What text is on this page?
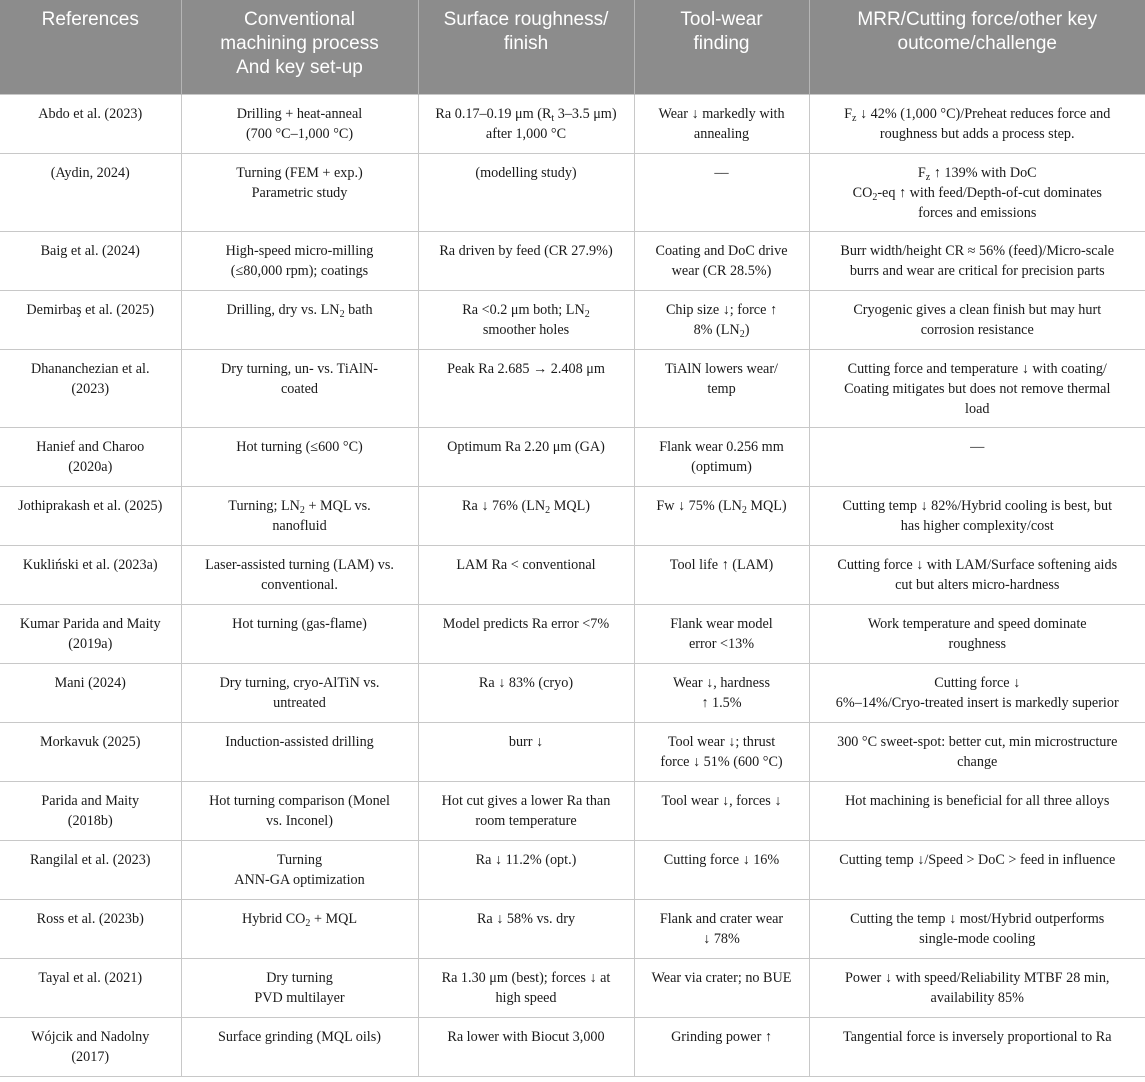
References	Conventional
machining process
And key set-up	Surface roughness/
finish	Tool-wear
finding	MRR/Cutting force/other key
outcome/challenge

Abdo et al. (2023)	Drilling + heat-anneal
(700 °C–1,000 °C)	Ra 0.17–0.19 μm ($R_t$ 3–3.5 μm)
after 1,000 °C	Wear ↓ markedly with
annealing	$F_z$ ↓ 42% (1,000 °C)/Preheat reduces force and
roughness but adds a process step.

(Aydin, 2024)	Turning (FEM + exp.)
Parametric study	(modelling study)	––	$F_z$ ↑ 139% with DoC
$CO_2-eq$ ↑ with feed/Depth-of-cut dominates
forces and emissions

Baig et al. (2024)	High-speed micro-milling
(≤80,000 rpm); coatings	Ra driven by feed (CR 27.9%)	Coating and DoC drive
wear (CR 28.5%)	Burr width/height CR ≈ 56% (feed)/Micro-scale
burrs and wear are critical for precision parts

Demirbaş et al. (2025)	Drilling, dry vs. $LN_2$ bath	Ra <0.2 μm both; $LN_2$
smoother holes	Chip size ↓; force ↑
8% $(LN_2)$	Cryogenic gives a clean finish but may hurt
corrosion resistance

Dhananchezian et al.
(2023)	Dry turning, un- vs. TiAlN-
coated	Peak Ra 2.685 → 2.408 μm	TiAlN lowers wear/
temp	Cutting force and temperature ↓ with coating/
Coating mitigates but does not remove thermal
load

Hanief and Charoo
(2020a)	Hot turning (≤600 °C)	Optimum Ra 2.20 μm (GA)	Flank wear 0.256 mm
(optimum)	––

Jothiprakash et al. (2025)	Turning; $LN_2$ + MQL vs.
nanofluid	Ra ↓ 76% ($LN_2$ MQL)	Fw ↓ 75% ($LN_2$ MQL)	Cutting temp ↓ 82%/Hybrid cooling is best, but
has higher complexity/cost

Kukliński et al. (2023a)	Laser-assisted turning (LAM) vs.
conventional.	LAM Ra < conventional	Tool life ↑ (LAM)	Cutting force ↓ with LAM/Surface softening aids
cut but alters micro-hardness

Kumar Parida and Maity
(2019a)	Hot turning (gas-flame)	Model predicts Ra error <7%	Flank wear model
error <13%	Work temperature and speed dominate
roughness

Mani (2024)	Dry turning, cryo-AlTiN vs.
untreated	Ra ↓ 83% (cryo)	Wear ↓, hardness
↑ 1.5%	Cutting force ↓
6%–14%/Cryo-treated insert is markedly superior

Morkavuk (2025)	Induction-assisted drilling	burr ↓	Tool wear ↓; thrust
force ↓ 51% (600 °C)	300 °C sweet-spot: better cut, min microstructure
change

Parida and Maity
(2018b)	Hot turning comparison (Monel
vs. Inconel)	Hot cut gives a lower Ra than
room temperature	Tool wear ↓, forces ↓	Hot machining is beneficial for all three alloys

Rangilal et al. (2023)	Turning
ANN-GA optimization	Ra ↓ 11.2% (opt.)	Cutting force ↓ 16%	Cutting temp ↓/Speed > DoC > feed in influence

Ross et al. (2023b)	Hybrid $CO_2$ + MQL	Ra ↓ 58% vs. dry	Flank and crater wear
↓ 78%	Cutting the temp ↓ most/Hybrid outperforms
single-mode cooling

Tayal et al. (2021)	Dry turning
PVD multilayer	Ra 1.30 μm (best); forces ↓ at
high speed	Wear via crater; no BUE	Power ↓ with speed/Reliability MTBF 28 min,
availability 85%

Wójcik and Nadolny
(2017)	Surface grinding (MQL oils)	Ra lower with Biocut 3,000	Grinding power ↑	Tangential force is inversely proportional to Ra
